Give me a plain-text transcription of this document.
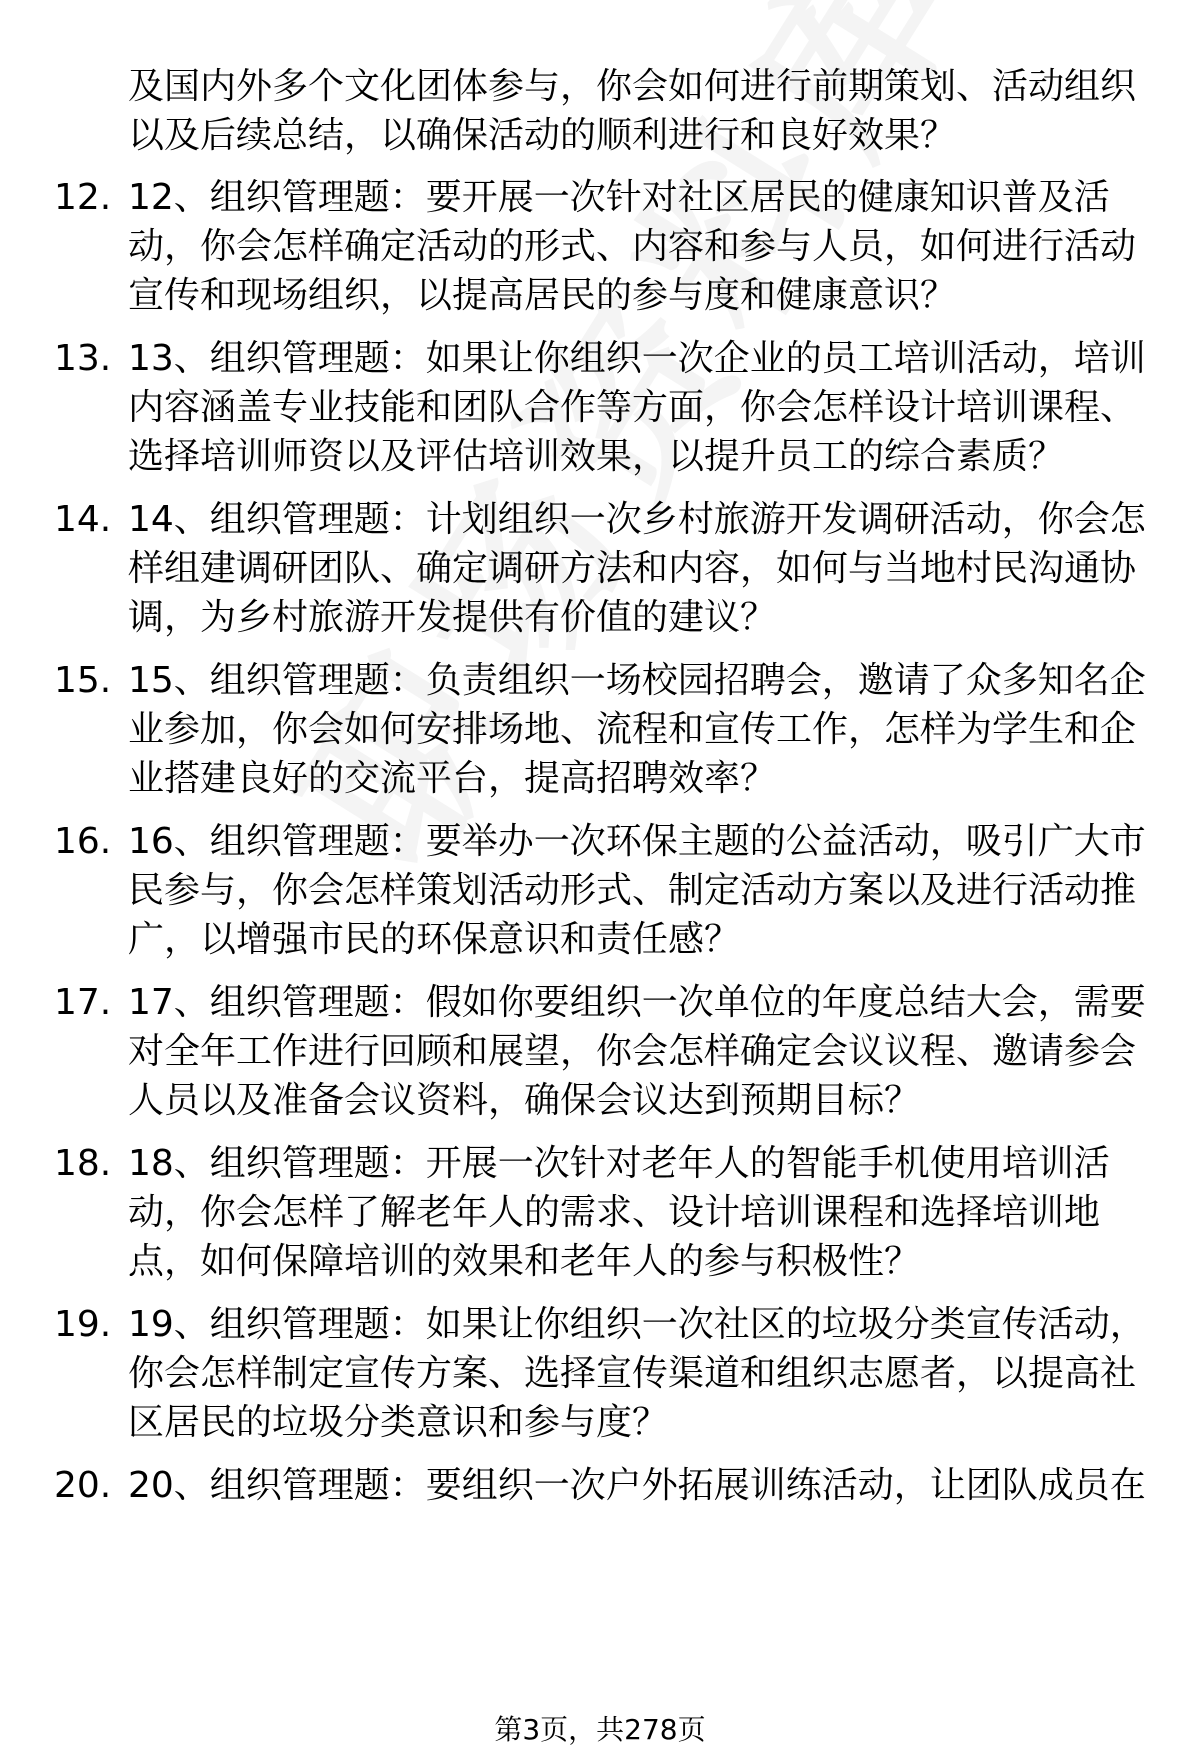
及国内外多个文化团体参与，你会如何进行前期策划、活动组织
以及后续总结，以确保活动的顺利进行和良好效果？
12. 12、组织管理题：要开展一次针对社区居民的健康知识普及活
动，你会怎样确定活动的形式、内容和参与人员，如何进行活动
宣传和现场组织，以提高居民的参与度和健康意识？
13. 13、组织管理题：如果让你组织一次企业的员工培训活动，培训
内容涵盖专业技能和团队合作等方面，你会怎样设计培训课程、
选择培训师资以及评估培训效果，以提升员工的综合素质？
14. 14、组织管理题：计划组织一次乡村旅游开发调研活动，你会怎
样组建调研团队、确定调研方法和内容，如何与当地村民沟通协
调，为乡村旅游开发提供有价值的建议？
15. 15、组织管理题：负责组织一场校园招聘会，邀请了众多知名企
业参加，你会如何安排场地、流程和宣传工作，怎样为学生和企
业搭建良好的交流平台，提高招聘效率？
16. 16、组织管理题：要举办一次环保主题的公益活动，吸引广大市
民参与，你会怎样策划活动形式、制定活动方案以及进行活动推
广，以增强市民的环保意识和责任感？
17. 17、组织管理题：假如你要组织一次单位的年度总结大会，需要
对全年工作进行回顾和展望，你会怎样确定会议议程、邀请参会
人员以及准备会议资料，确保会议达到预期目标？
18. 18、组织管理题：开展一次针对老年人的智能手机使用培训活
动，你会怎样了解老年人的需求、设计培训课程和选择培训地
点，如何保障培训的效果和老年人的参与积极性？
19. 19、组织管理题：如果让你组织一次社区的垃圾分类宣传活动，
你会怎样制定宣传方案、选择宣传渠道和组织志愿者，以提高社
区居民的垃圾分类意识和参与度？
20. 20、组织管理题：要组织一次户外拓展训练活动，让团队成员在
第3页，共278页
